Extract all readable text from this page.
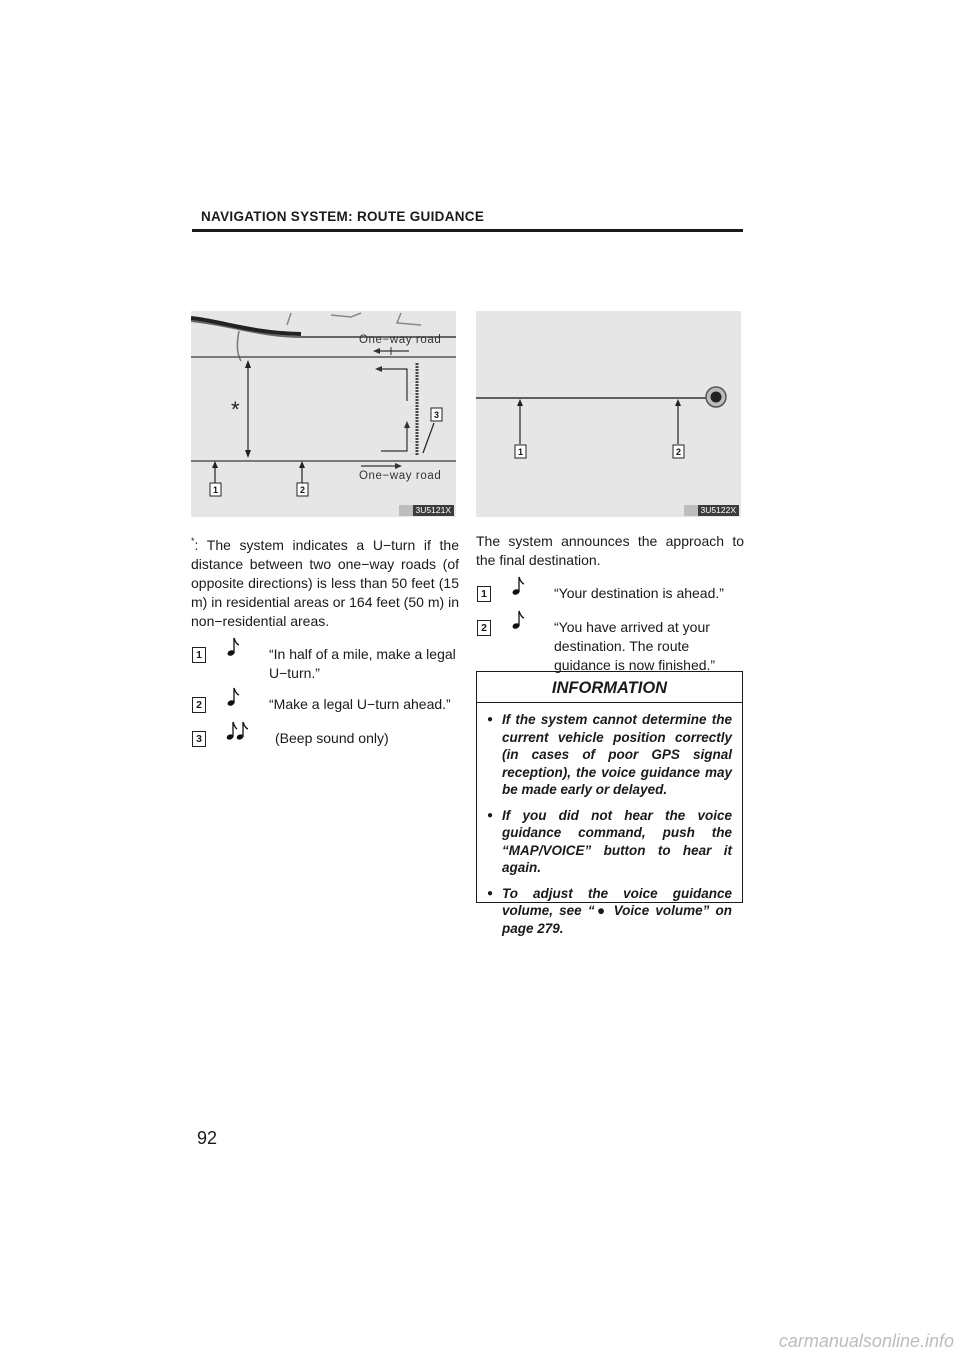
NAVIGATION SYSTEM: ROUTE GUIDANCE
One−way road
One−way road
*
1	2
3
3U5121X
1	2
3U5122X

*: The system indicates a U−turn if the distance between two one−way roads (of opposite directions) is less than 50 feet (15 m) in residential areas or 164 feet (50 m) in non−residential areas.

1	“In half of a mile, make a legal U−turn.”
2	“Make a legal U−turn ahead.”
3	(Beep sound only)

The system announces the approach to the final destination.

1	“Your destination is ahead.”
2	“You have arrived at your destination. The route guidance is now finished.”
INFORMATION
● If the system cannot determine the current vehicle position correctly (in cases of poor GPS signal reception), the voice guidance may be made early or delayed.
● If you did not hear the voice guidance command, push the “MAP/VOICE” button to hear it again.
● To adjust the voice guidance volume, see “● Voice volume” on page 279.
92
carmanualsonline.info
